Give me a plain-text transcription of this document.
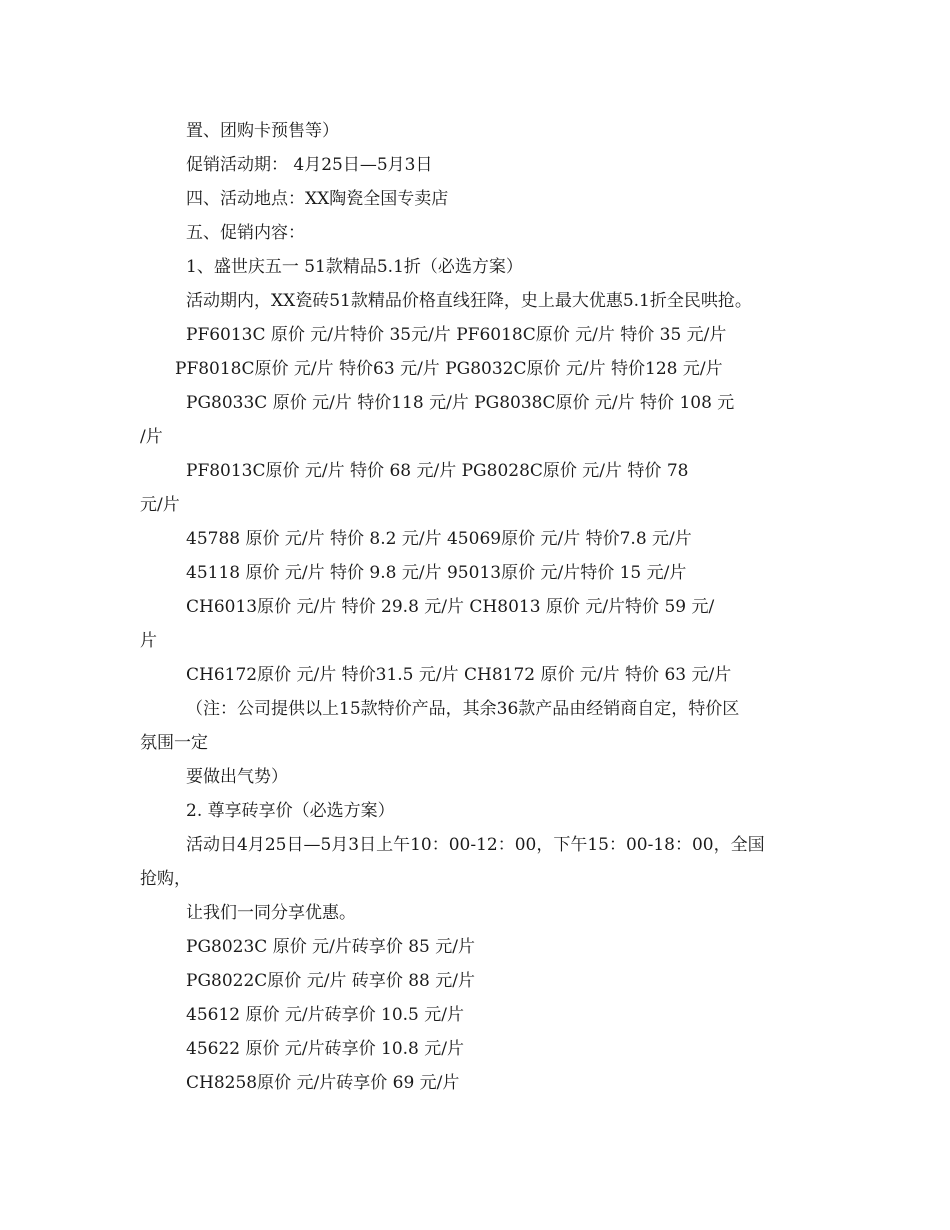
置、团购卡预售等）

促销活动期： 4月25日—5月3日

四、活动地点：XX陶瓷全国专卖店

五、促销内容：

1、盛世庆五一 51款精品5.1折（必选方案）

活动期内，XX瓷砖51款精品价格直线狂降，史上最大优惠5.1折全民哄抢。

PF6013C 原价 元/片特价 35元/片 PF6018C原价 元/片 特价 35 元/片

PF8018C原价 元/片 特价63 元/片 PG8032C原价 元/片 特价128 元/片

PG8033C 原价 元/片 特价118 元/片 PG8038C原价 元/片 特价 108 元

/片

PF8013C原价 元/片 特价 68 元/片 PG8028C原价 元/片 特价 78

元/片

45788 原价 元/片 特价 8.2 元/片 45069原价 元/片 特价7.8 元/片

45118 原价 元/片 特价 9.8 元/片 95013原价 元/片特价 15 元/片

CH6013原价 元/片 特价 29.8 元/片 CH8013 原价 元/片特价 59 元/

片

CH6172原价 元/片 特价31.5 元/片 CH8172 原价 元/片 特价 63 元/片

（注：公司提供以上15款特价产品，其余36款产品由经销商自定，特价区

氛围一定

要做出气势）

2. 尊享砖享价（必选方案）

活动日4月25日—5月3日上午10：00-12：00，下午15：00-18：00，全国

抢购，

让我们一同分享优惠。

PG8023C 原价 元/片砖享价 85 元/片

PG8022C原价 元/片 砖享价 88 元/片

45612 原价 元/片砖享价 10.5 元/片

45622 原价 元/片砖享价 10.8 元/片

CH8258原价 元/片砖享价 69 元/片
